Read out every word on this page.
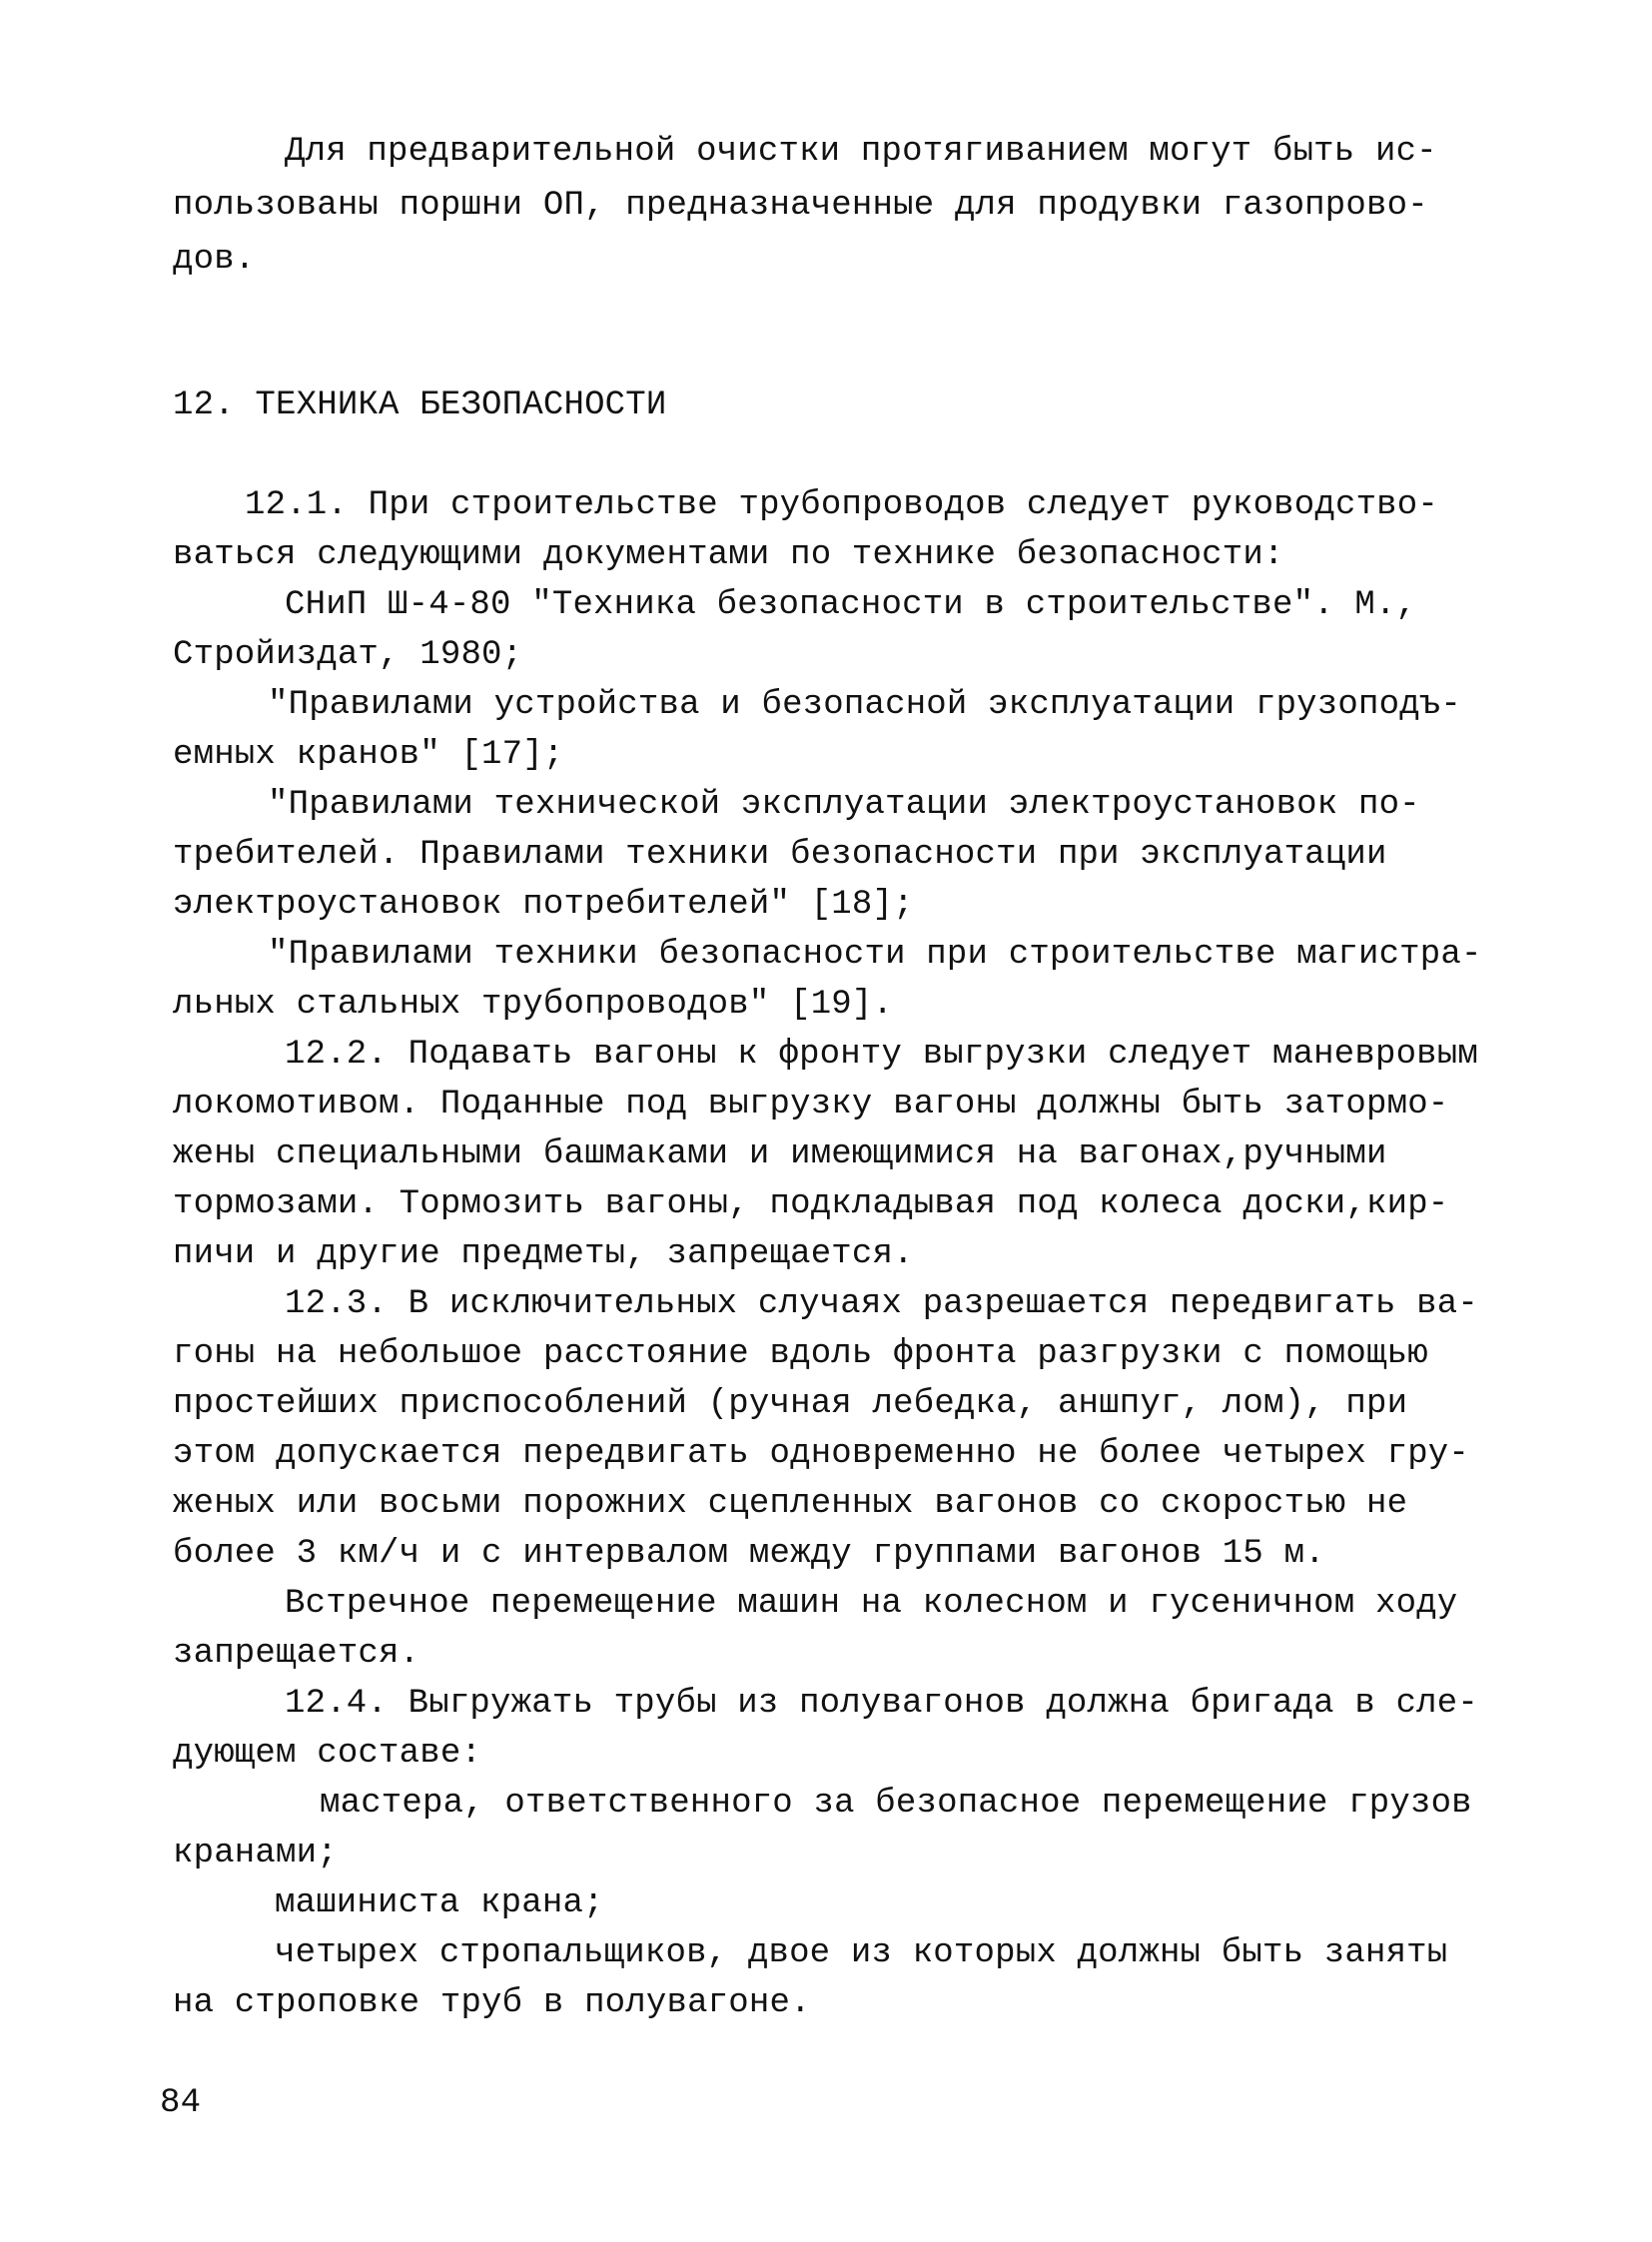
Для предварительной очистки протягиванием могут быть ис-
пользованы поршни ОП, предназначенные для продувки газопрово-
дов.
12. ТЕХНИКА БЕЗОПАСНОСТИ
12.1. При строительстве трубопроводов следует руководство-
ваться следующими документами по технике безопасности:
СНиП Ш-4-80 "Техника безопасности в строительстве". М.,
Стройиздат, 1980;
"Правилами устройства и безопасной эксплуатации грузоподъ-
емных кранов" [17];
"Правилами технической эксплуатации электроустановок по-
требителей. Правилами техники безопасности при эксплуатации
электроустановок потребителей" [18];
"Правилами техники безопасности при строительстве магистра-
льных стальных трубопроводов" [19].
12.2. Подавать вагоны к фронту выгрузки следует маневровым
локомотивом. Поданные под выгрузку вагоны должны быть затормо-
жены специальными башмаками и имеющимися на вагонах,ручными
тормозами. Тормозить вагоны, подкладывая под колеса доски,кир-
пичи и другие предметы, запрещается.
12.3. В исключительных случаях разрешается передвигать ва-
гоны на небольшое расстояние вдоль фронта разгрузки с помощью
простейших приспособлений (ручная лебедка, аншпуг, лом), при
этом допускается передвигать одновременно не более четырех гру-
женых или восьми порожних сцепленных вагонов со скоростью не
более 3 км/ч и с интервалом между группами вагонов 15 м.
Встречное перемещение машин на колесном и гусеничном ходу
запрещается.
12.4. Выгружать трубы из полувагонов должна бригада в сле-
дующем составе:
мастера, ответственного за безопасное перемещение грузов
кранами;
машиниста крана;
четырех стропальщиков, двое из которых должны быть заняты
на строповке труб в полувагоне.
84
